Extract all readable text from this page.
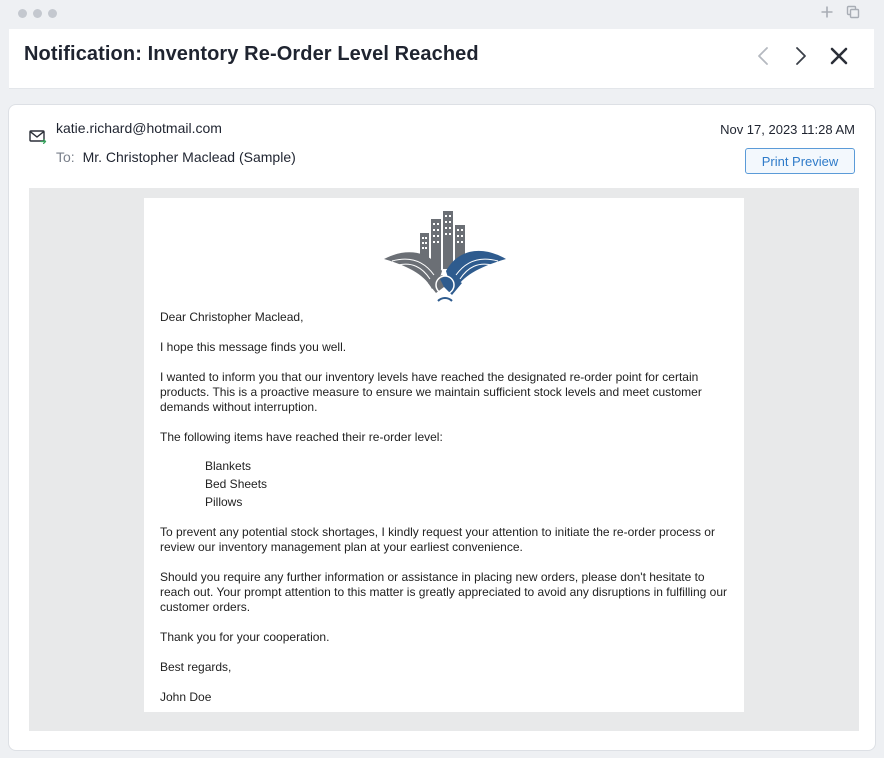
Notification: Inventory Re-Order Level Reached
katie.richard@hotmail.com
To: Mr. Christopher Maclead (Sample)
Nov 17, 2023 11:28 AM
Print Preview

Dear Christopher Maclead,

I hope this message finds you well.

I wanted to inform you that our inventory levels have reached the designated re-order point for certain products. This is a proactive measure to ensure we maintain sufficient stock levels and meet customer demands without interruption.

The following items have reached their re-order level:

Blankets
Bed Sheets
Pillows

To prevent any potential stock shortages, I kindly request your attention to initiate the re-order process or review our inventory management plan at your earliest convenience.

Should you require any further information or assistance in placing new orders, please don't hesitate to reach out. Your prompt attention to this matter is greatly appreciated to avoid any disruptions in fulfilling our customer orders.

Thank you for your cooperation.

Best regards,

John Doe
